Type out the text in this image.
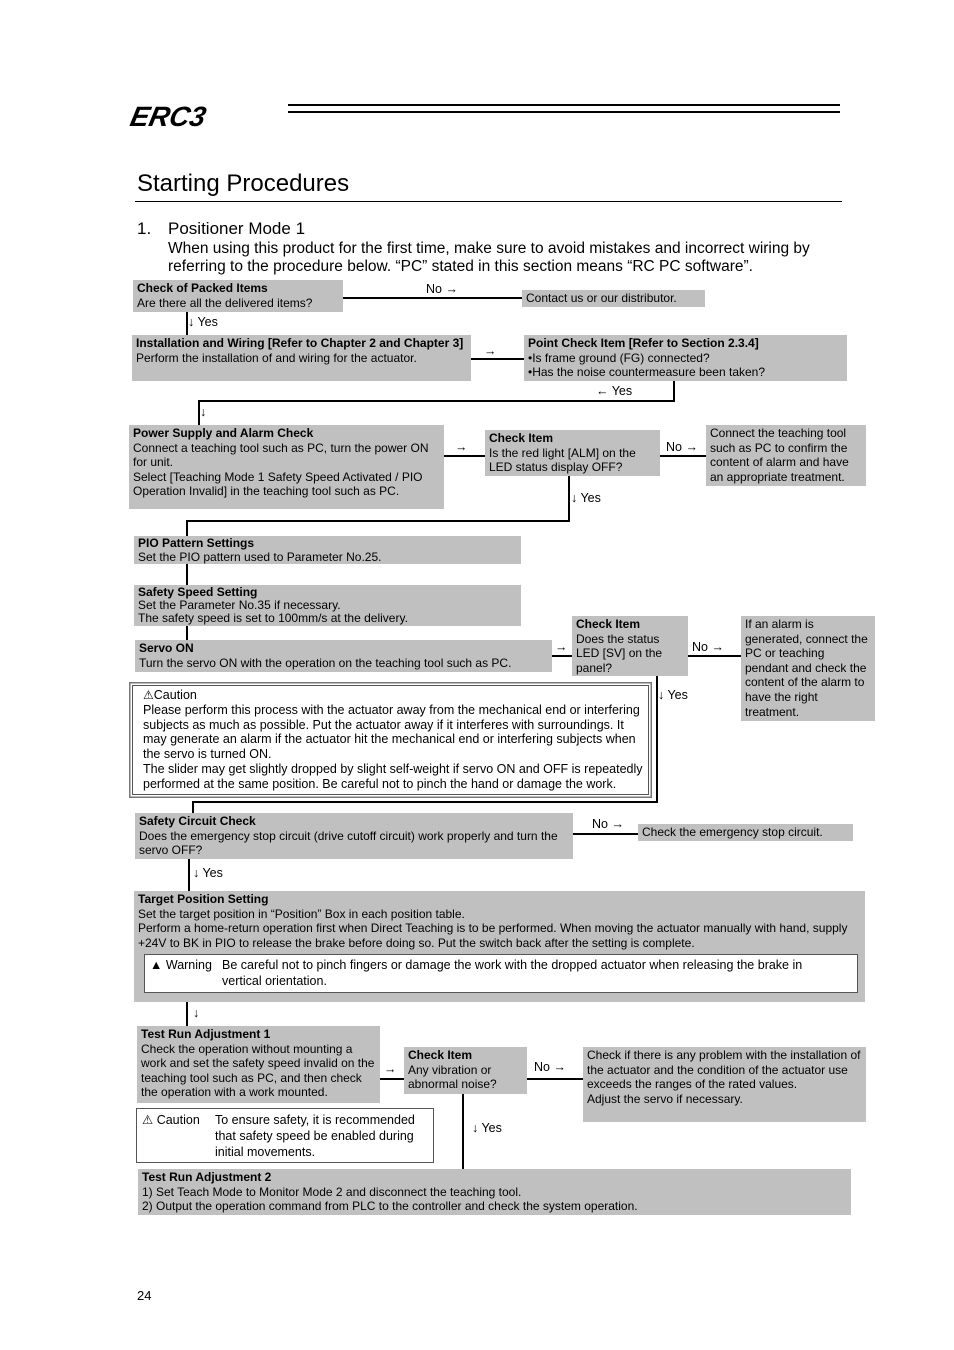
ERC3
Starting Procedures
1. Positioner Mode 1
When using this product for the first time, make sure to avoid mistakes and incorrect wiring by referring to the procedure below. “PC” stated in this section means “RC PC software”.
Check of Packed Items
Are there all the delivered items?	Contact us or our distributor.
Installation and Wiring [Refer to Chapter 2 and Chapter 3]
Perform the installation of and wiring for the actuator.
Point Check Item [Refer to Section 2.3.4]
• Is frame ground (FG) connected?
• Has the noise countermeasure been taken?
Power Supply and Alarm Check
Connect a teaching tool such as PC, turn the power ON for unit.
Select [Teaching Mode 1 Safety Speed Activated / PIO Operation Invalid] in the teaching tool such as PC.
Check Item
Is the red light [ALM] on the LED status display OFF?
Connect the teaching tool such as PC to confirm the content of alarm and have an appropriate treatment.
PIO Pattern Settings
Set the PIO pattern used to Parameter No.25.
Safety Speed Setting
Set the Parameter No.35 if necessary.
The safety speed is set to 100mm/s at the delivery.
Servo ON
Turn the servo ON with the operation on the teaching tool such as PC.
Check Item
Does the status LED [SV] on the panel?
If an alarm is generated, connect the PC or teaching pendant and check the content of the alarm to have the right treatment.
⚠Caution
Please perform this process with the actuator away from the mechanical end or interfering subjects as much as possible. Put the actuator away if it interferes with surroundings. It may generate an alarm if the actuator hit the mechanical end or interfering subjects when the servo is turned ON.
The slider may get slightly dropped by slight self-weight if servo ON and OFF is repeatedly performed at the same position. Be careful not to pinch the hand or damage the work.
Safety Circuit Check
Does the emergency stop circuit (drive cutoff circuit) work properly and turn the servo OFF?
Check the emergency stop circuit.
Target Position Setting
Set the target position in “Position” Box in each position table.
Perform a home-return operation first when Direct Teaching is to be performed. When moving the actuator manually with hand, supply +24V to BK in PIO to release the brake before doing so. Put the switch back after the setting is complete.
▲ Warning Be careful not to pinch fingers or damage the work with the dropped actuator when releasing the brake in vertical orientation.
Test Run Adjustment 1
Check the operation without mounting a work and set the safety speed invalid on the teaching tool such as PC, and then check the operation with a work mounted.
Check Item
Any vibration or abnormal noise?
Check if there is any problem with the installation of the actuator and the condition of the actuator use exceeds the ranges of the rated values.
Adjust the servo if necessary.
⚠ Caution To ensure safety, it is recommended that safety speed be enabled during initial movements.
Test Run Adjustment 2
1) Set Teach Mode to Monitor Mode 2 and disconnect the teaching tool.
2) Output the operation command from PLC to the controller and check the system operation.
No →
↓ Yes
→
← Yes
↓
→	No →
↓ Yes
→	No →
↓ Yes
No →
↓ Yes
↓
→	No →
↓ Yes
24
